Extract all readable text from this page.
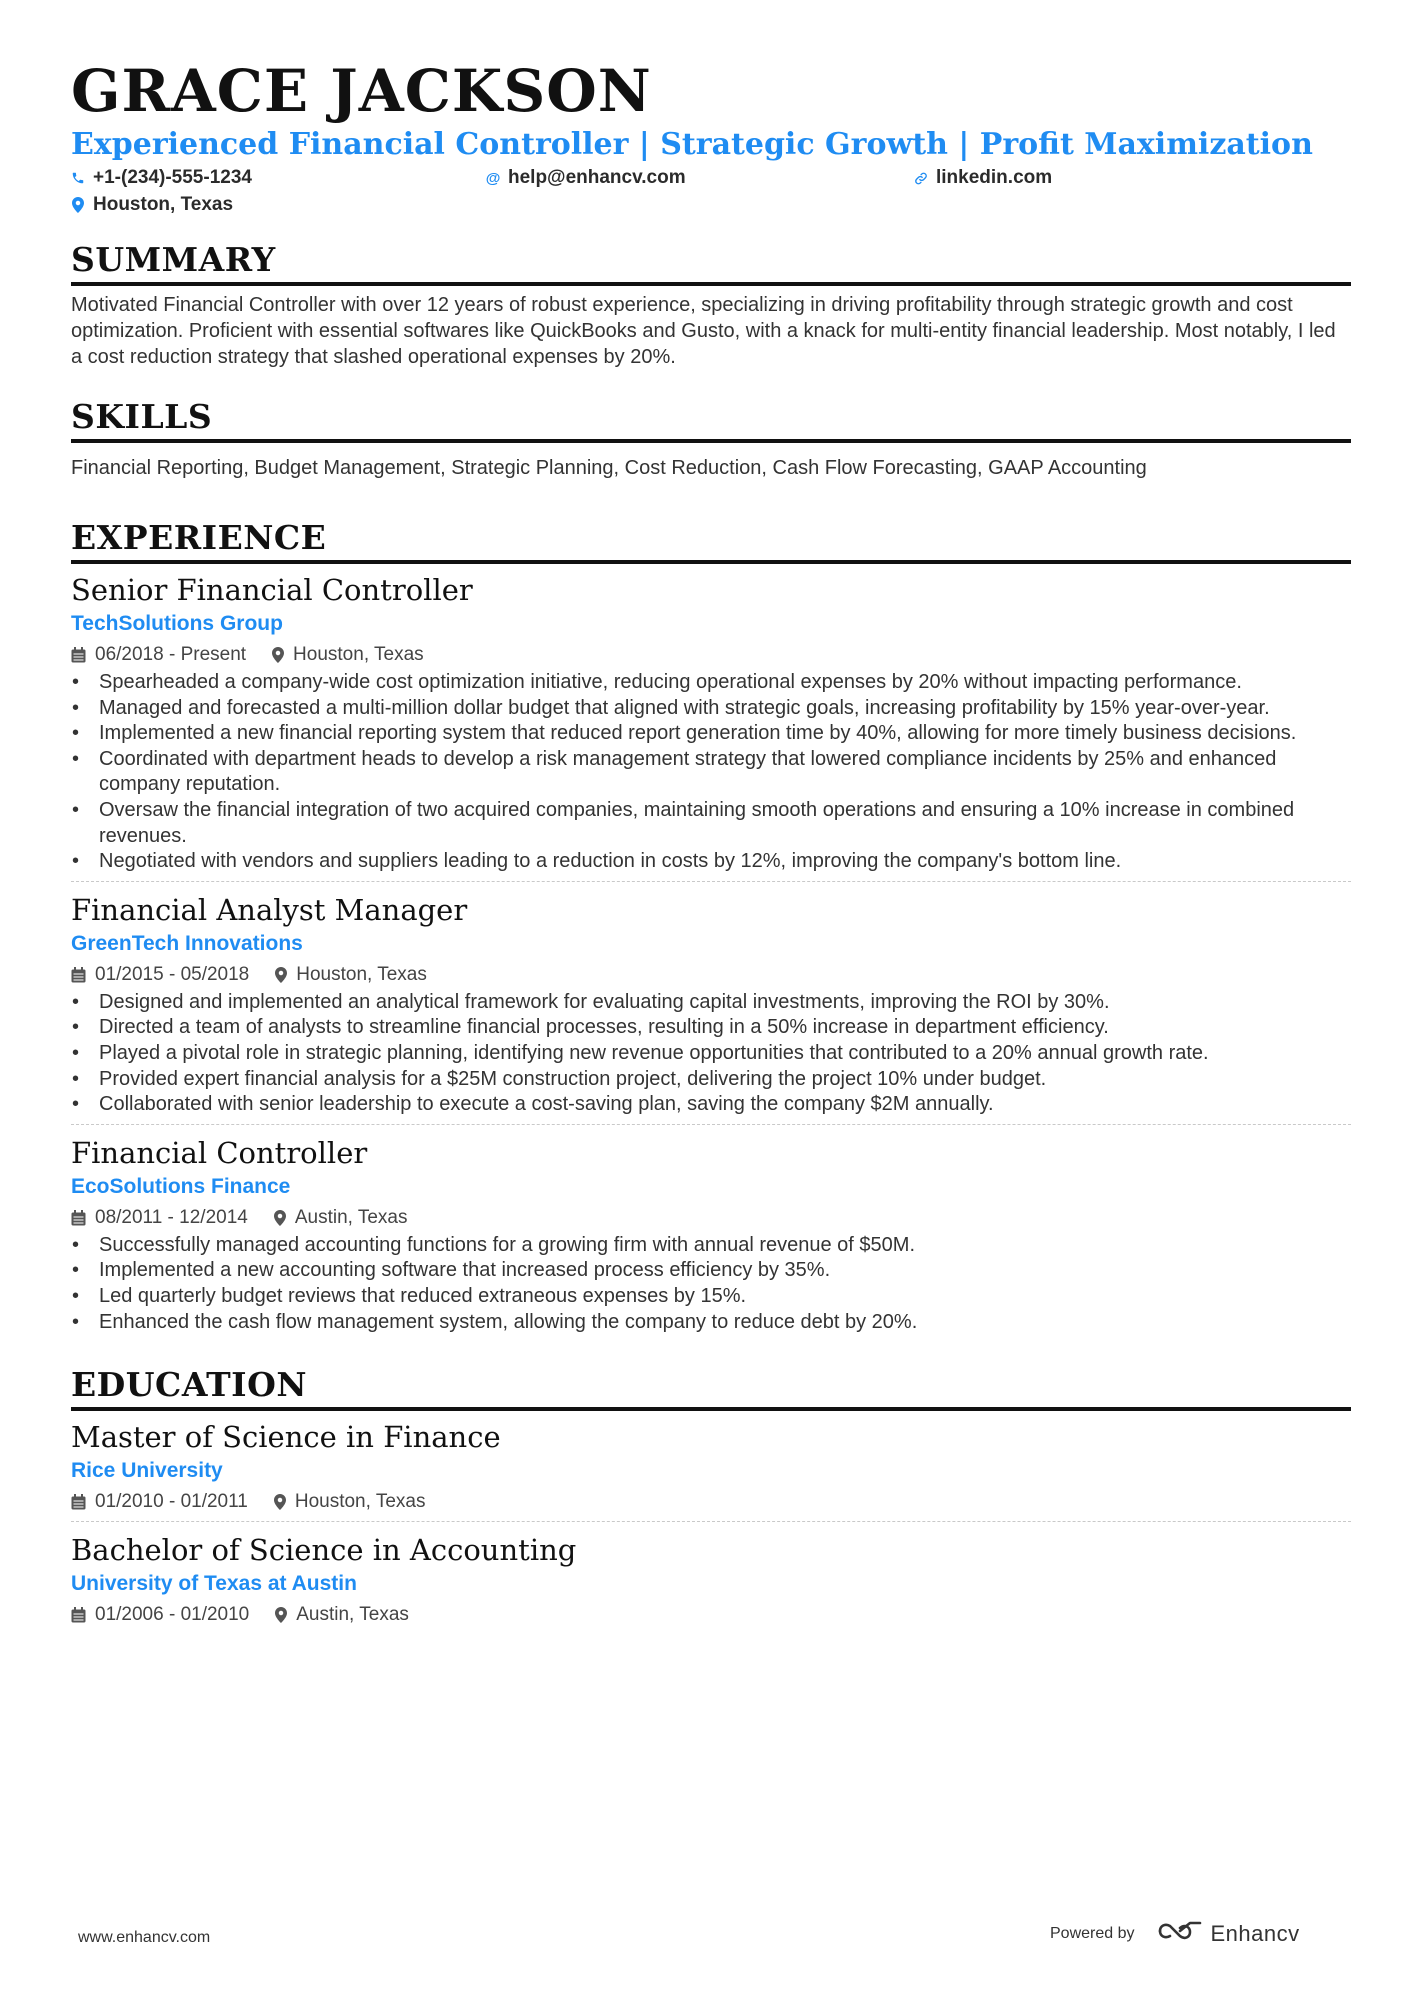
GRACE JACKSON
Experienced Financial Controller | Strategic Growth | Profit Maximization
+1-(234)-555-1234	@ help@enhancv.com	linkedin.com
Houston, Texas
SUMMARY
Motivated Financial Controller with over 12 years of robust experience, specializing in driving profitability through strategic growth and cost optimization. Proficient with essential softwares like QuickBooks and Gusto, with a knack for multi-entity financial leadership. Most notably, I led a cost reduction strategy that slashed operational expenses by 20%.
SKILLS
Financial Reporting, Budget Management, Strategic Planning, Cost Reduction, Cash Flow Forecasting, GAAP Accounting
EXPERIENCE
Senior Financial Controller
TechSolutions Group
06/2018 - Present Houston, Texas
• Spearheaded a company-wide cost optimization initiative, reducing operational expenses by 20% without impacting performance.
• Managed and forecasted a multi-million dollar budget that aligned with strategic goals, increasing profitability by 15% year-over-year.
• Implemented a new financial reporting system that reduced report generation time by 40%, allowing for more timely business decisions.
• Coordinated with department heads to develop a risk management strategy that lowered compliance incidents by 25% and enhanced company reputation.
• Oversaw the financial integration of two acquired companies, maintaining smooth operations and ensuring a 10% increase in combined revenues.
• Negotiated with vendors and suppliers leading to a reduction in costs by 12%, improving the company's bottom line.
Financial Analyst Manager
GreenTech Innovations
01/2015 - 05/2018 Houston, Texas
• Designed and implemented an analytical framework for evaluating capital investments, improving the ROI by 30%.
• Directed a team of analysts to streamline financial processes, resulting in a 50% increase in department efficiency.
• Played a pivotal role in strategic planning, identifying new revenue opportunities that contributed to a 20% annual growth rate.
• Provided expert financial analysis for a $25M construction project, delivering the project 10% under budget.
• Collaborated with senior leadership to execute a cost-saving plan, saving the company $2M annually.
Financial Controller
EcoSolutions Finance
08/2011 - 12/2014 Austin, Texas
• Successfully managed accounting functions for a growing firm with annual revenue of $50M.
• Implemented a new accounting software that increased process efficiency by 35%.
• Led quarterly budget reviews that reduced extraneous expenses by 15%.
• Enhanced the cash flow management system, allowing the company to reduce debt by 20%.
EDUCATION
Master of Science in Finance
Rice University
01/2010 - 01/2011 Houston, Texas
Bachelor of Science in Accounting
University of Texas at Austin
01/2006 - 01/2010 Austin, Texas
www.enhancv.com	Powered by	Enhancv
